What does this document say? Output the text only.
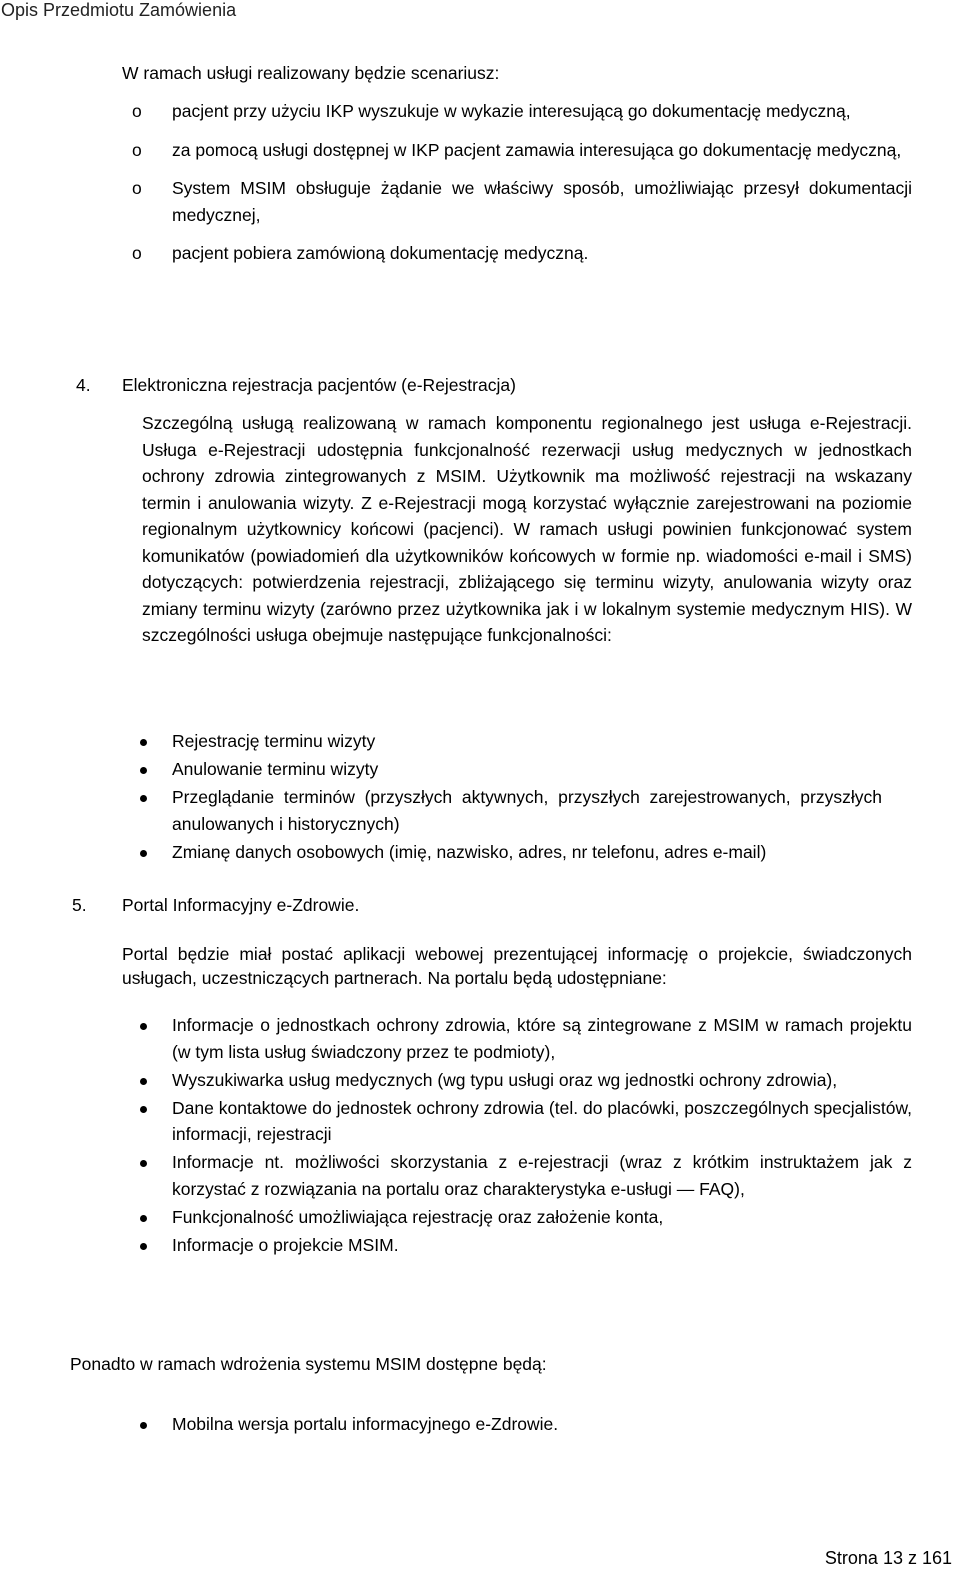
Opis Przedmiotu Zamówienia
W ramach usługi realizowany będzie scenariusz:
o pacjent przy użyciu IKP wyszukuje w wykazie interesującą go dokumentację medyczną,
o za pomocą usługi dostępnej w IKP pacjent zamawia interesująca go dokumentację medyczną,
o System MSIM obsługuje żądanie we właściwy sposób, umożliwiając przesył dokumentacji medycznej,
o pacjent pobiera zamówioną dokumentację medyczną.
4. Elektroniczna rejestracja pacjentów (e-Rejestracja)
Szczególną usługą realizowaną w ramach komponentu regionalnego jest usługa e-Rejestracji. Usługa e-Rejestracji udostępnia funkcjonalność rezerwacji usług medycznych w jednostkach ochrony zdrowia zintegrowanych z MSIM. Użytkownik ma możliwość rejestracji na wskazany termin i anulowania wizyty. Z e-Rejestracji mogą korzystać wyłącznie zarejestrowani na poziomie regionalnym użytkownicy końcowi (pacjenci). W ramach usługi powinien funkcjonować system komunikatów (powiadomień dla użytkowników końcowych w formie np. wiadomości e-mail i SMS) dotyczących: potwierdzenia rejestracji, zbliżającego się terminu wizyty, anulowania wizyty oraz zmiany terminu wizyty (zarówno przez użytkownika jak i w lokalnym systemie medycznym HIS). W szczególności usługa obejmuje następujące funkcjonalności:
Rejestrację terminu wizyty
Anulowanie terminu wizyty
Przeglądanie terminów (przyszłych aktywnych, przyszłych zarejestrowanych, przyszłych anulowanych i historycznych)
Zmianę danych osobowych (imię, nazwisko, adres, nr telefonu, adres e-mail)
5. Portal Informacyjny e-Zdrowie.
Portal będzie miał postać aplikacji webowej prezentującej informację o projekcie, świadczonych usługach, uczestniczących partnerach. Na portalu będą udostępniane:
Informacje o jednostkach ochrony zdrowia, które są zintegrowane z MSIM w ramach projektu (w tym lista usług świadczony przez te podmioty),
Wyszukiwarka usług medycznych (wg typu usługi oraz wg jednostki ochrony zdrowia),
Dane kontaktowe do jednostek ochrony zdrowia (tel. do placówki, poszczególnych specjalistów, informacji, rejestracji
Informacje nt. możliwości skorzystania z e-rejestracji (wraz z krótkim instruktażem jak z korzystać z rozwiązania na portalu oraz charakterystyka e-usługi — FAQ),
Funkcjonalność umożliwiająca rejestrację oraz założenie konta,
Informacje o projekcie MSIM.
Ponadto w ramach wdrożenia systemu MSIM dostępne będą:
Mobilna wersja portalu informacyjnego e-Zdrowie.
Strona 13 z 161
